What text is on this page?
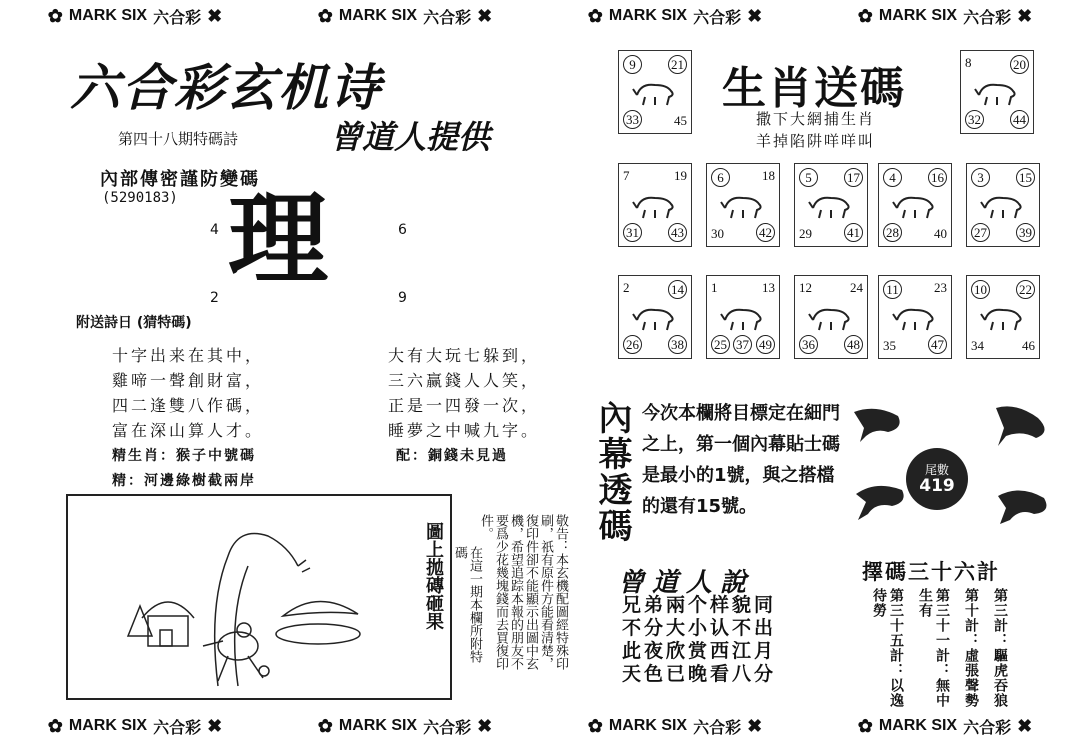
✿ MARK SIX 六合彩 ✖	✿ MARK SIX 六合彩 ✖	✿ MARK SIX 六合彩 ✖	✿ MARK SIX 六合彩 ✖
六合彩玄机诗
第四十八期特碼詩	曾道人提供
內部傳密謹防變碼
(5290183) 理
4	6
2	9
附送詩日 (猜特碼)
十字出来在其中，
雞啼一聲創財富，
四二逢雙八作碼，
富在深山算人才。
大有大玩七躲到，
三六赢錢人人笑，
正是一四發一次，
睡夢之中喊九字。
精生肖：猴子中號碼
精：河邊綠樹截兩岸
配：銅錢未見過
圖上拋磚砸果	在這一期本欄所附特碼	敬告：本玄機配圖經特殊印刷，祇有原件方能看清楚，復印件卻不能顯示出圖中玄機，希望追踪本報的朋友不要爲少花幾塊錢而去買復印件。
生肖送碼
撒下大網捕生肖
羊掉陷阱咩咩叫
9	21
33	45
8	20
32 44
7	19
31 43
6	18
30	42
5	17
29	41
4	16
28	40
3	15
27 39
2	14
26 38
1	13
25 37 49
12	24
36 48
11	23
35	47
10 22
34	46
內幕透碼 今次本欄將目標定在細門之上，第一個內幕貼士碼是最小的1號，與之搭檔的還有15號。
尾數
419
曾道人說
兄弟兩个样貌同
不分大小认不出
此夜欣赏西江月
天色已晚看八分
擇碼三十六計
第三計：驅虎吞狼
第十計：虛張聲勢
第三十一計：無中生有
第三十五計：以逸待勞
✿ MARK SIX 六合彩 ✖	✿ MARK SIX 六合彩 ✖	✿ MARK SIX 六合彩 ✖	✿ MARK SIX 六合彩 ✖
